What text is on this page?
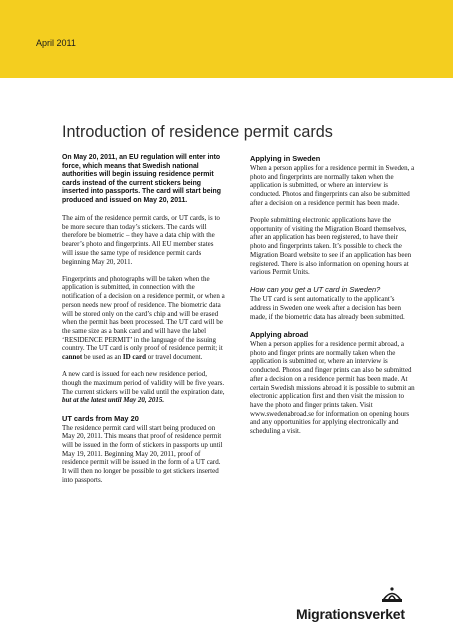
April 2011
Introduction of residence permit cards

On May 20, 2011, an EU regulation will enter into force, which means that Swedish national authorities will begin issuing residence permit cards instead of the current stickers being inserted into passports. The card will start being produced and issued on May 20, 2011.

The aim of the residence permit cards, or UT cards, is to be more secure than today’s stickers. The cards will therefore be biometric – they have a data chip with the bearer’s photo and fingerprints. All EU member states will issue the same type of residence permit cards beginning May 20, 2011.

Fingerprints and photographs will be taken when the application is submitted, in connection with the notification of a decision on a residence permit, or when a person needs new proof of residence. The biometric data will be stored only on the card’s chip and will be erased when the permit has been processed. The UT card will be the same size as a bank card and will have the label ‘RESIDENCE PERMIT’ in the language of the issuing country. The UT card is only proof of residence permit; it cannot be used as an ID card or travel document.

A new card is issued for each new residence period, though the maximum period of validity will be five years. The current stickers will be valid until the expiration date, but at the latest until May 20, 2015.

UT cards from May 20

The residence permit card will start being produced on May 20, 2011. This means that proof of residence permit will be issued in the form of stickers in passports up until May 19, 2011. Beginning May 20, 2011, proof of residence permit will be issued in the form of a UT card. It will then no longer be possible to get stickers inserted into passports.

Applying in Sweden

When a person applies for a residence permit in Sweden, a photo and fingerprints are normally taken when the application is submitted, or where an interview is conducted. Photos and fingerprints can also be submitted after a decision on a residence permit has been made.

People submitting electronic applications have the opportunity of visiting the Migration Board themselves, after an application has been registered, to have their photo and fingerprints taken. It’s possible to check the Migration Board website to see if an application has been registered. There is also information on opening hours at various Permit Units.

How can you get a UT card in Sweden?

The UT card is sent automatically to the applicant’s address in Sweden one week after a decision has been made, if the biometric data has already been submitted.

Applying abroad

When a person applies for a residence permit abroad, a photo and finger prints are normally taken when the application is submitted or, where an interview is conducted. Photos and finger prints can also be submitted after a decision on a residence permit has been made. At certain Swedish missions abroad it is possible to submit an electronic application first and then visit the mission to have the photo and finger prints taken. Visit www.swedenabroad.se for information on opening hours and any opportunities for applying electronically and scheduling a visit.

Migrationsverket
